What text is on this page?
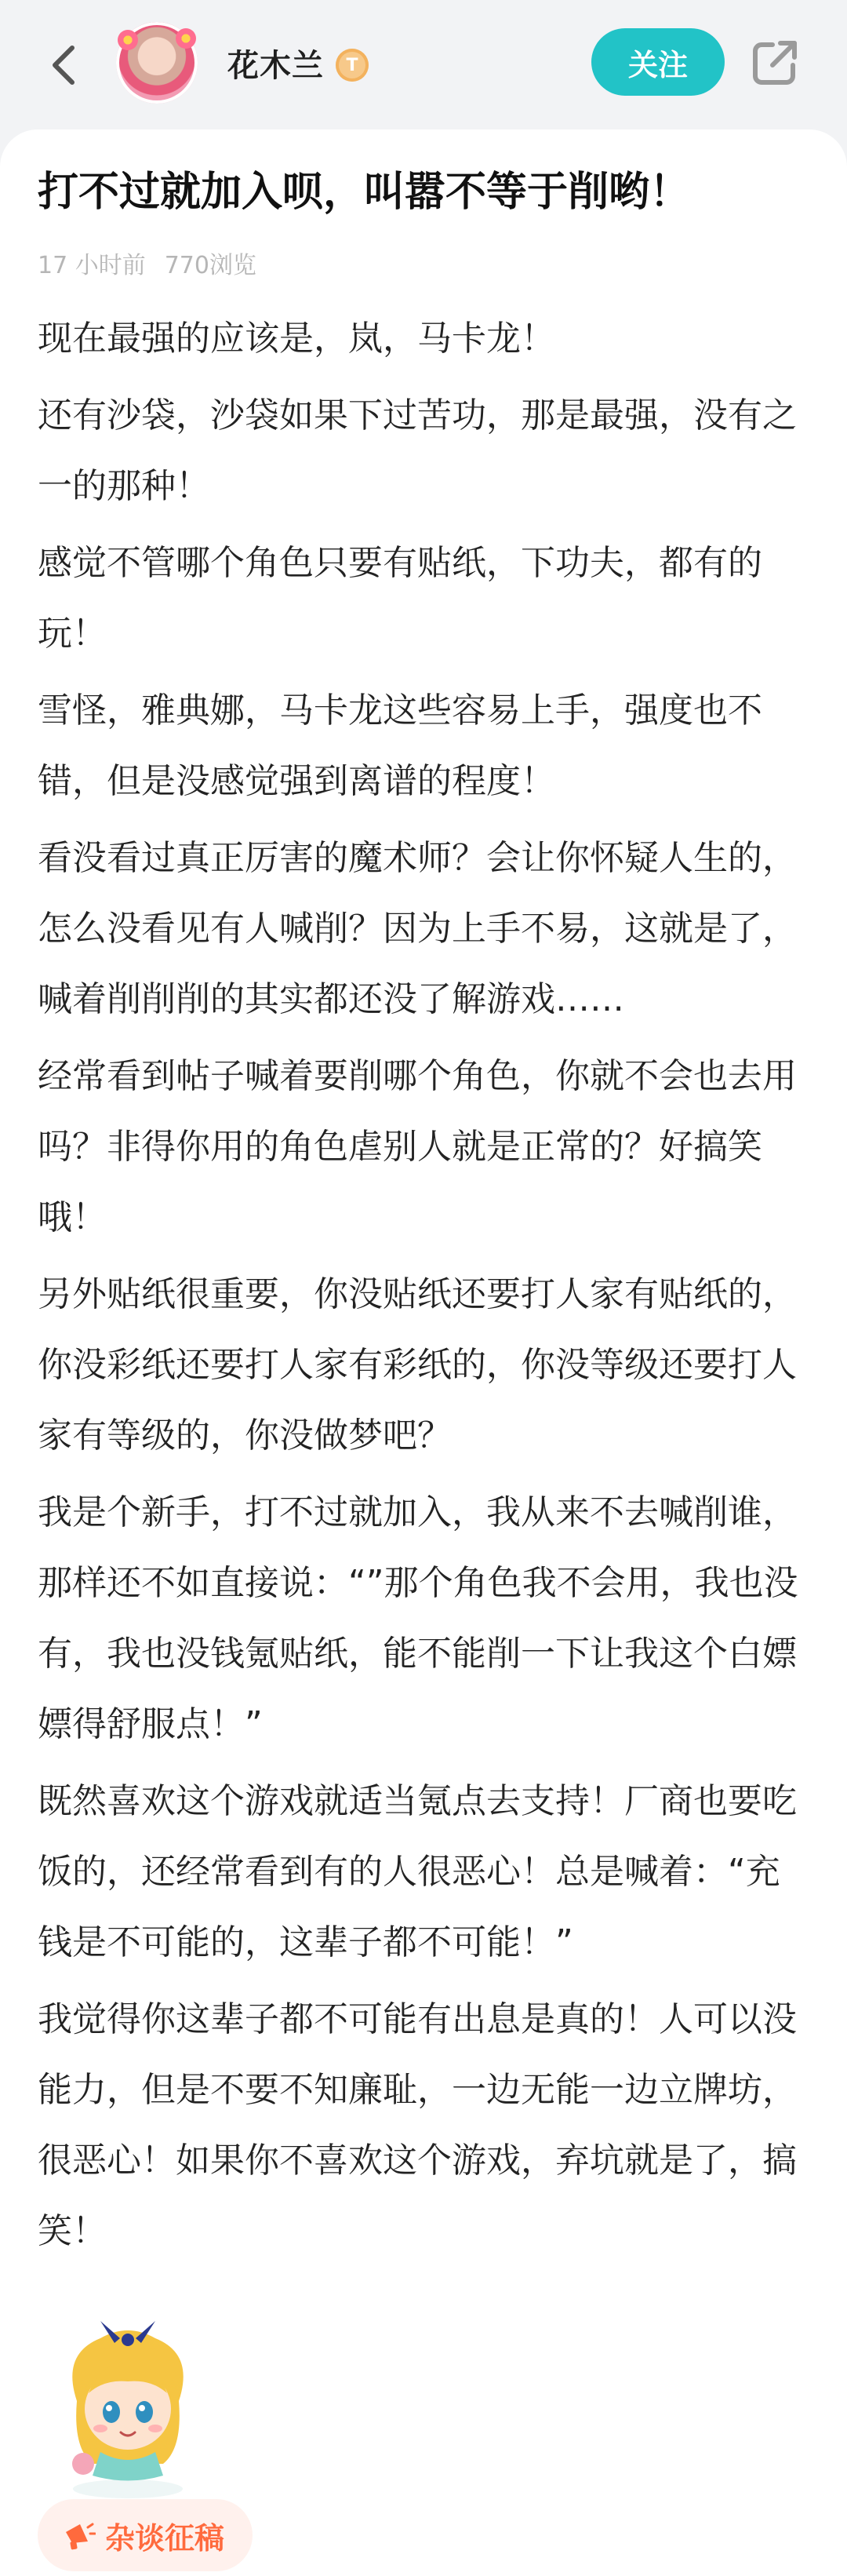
花木兰	T	关注
打不过就加入呗，叫嚣不等于削哟！
17 小时前 770浏览

现在最强的应该是，岚，马卡龙！

还有沙袋，沙袋如果下过苦功，那是最强，没有之一的那种！

感觉不管哪个角色只要有贴纸，下功夫，都有的玩！

雪怪，雅典娜，马卡龙这些容易上手，强度也不错，但是没感觉强到离谱的程度！

看没看过真正厉害的魔术师？会让你怀疑人生的，怎么没看见有人喊削？因为上手不易，这就是了，喊着削削削的其实都还没了解游戏……

经常看到帖子喊着要削哪个角色，你就不会也去用吗？非得你用的角色虐别人就是正常的？好搞笑哦！

另外贴纸很重要，你没贴纸还要打人家有贴纸的，你没彩纸还要打人家有彩纸的，你没等级还要打人家有等级的，你没做梦吧？

我是个新手，打不过就加入，我从来不去喊削谁，那样还不如直接说：“”那个角色我不会用，我也没有，我也没钱氪贴纸，能不能削一下让我这个白嫖嫖得舒服点！”

既然喜欢这个游戏就适当氪点去支持！厂商也要吃饭的，还经常看到有的人很恶心！总是喊着：“充钱是不可能的，这辈子都不可能！”

我觉得你这辈子都不可能有出息是真的！人可以没能力，但是不要不知廉耻，一边无能一边立牌坊，很恶心！如果你不喜欢这个游戏，弃坑就是了，搞笑！

杂谈征稿
